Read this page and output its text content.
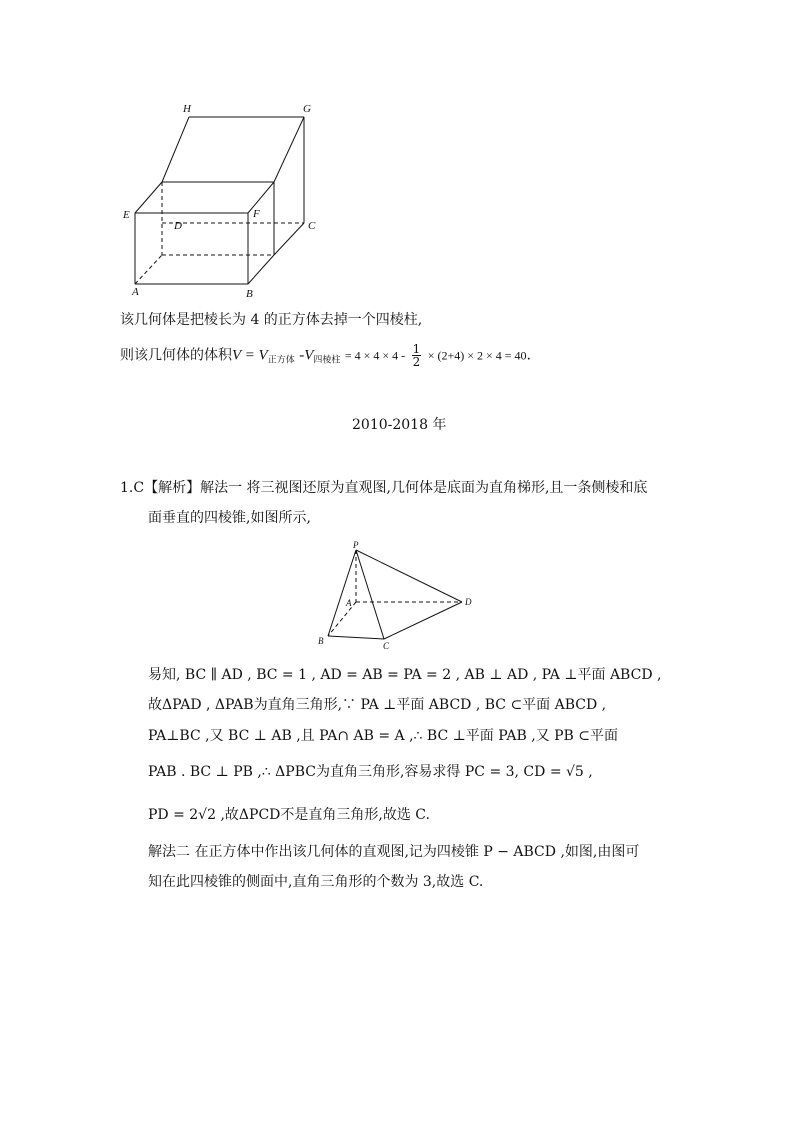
H	G
E	F
D	C
A	B
该几何体是把棱长为 4 的正方体去掉一个四棱柱,
则该几何体的体积$V = V_{正方体}$ $-V_{四棱柱} = 4 \times 4 \times 4 - \frac{1}{2} \times (2+4) \times 2 \times 4 = 40$.
2010-2018 年
1.C【解析】解法一 将三视图还原为直观图,几何体是底面为直角梯形,且一条侧棱和底
面垂直的四棱锥,如图所示,
P
A
B	C
D
易知, BC ∥ AD , BC = 1 , AD = AB = PA = 2 , AB ⊥ AD , PA ⊥平面 ABCD ,
故ΔPAD , ΔPAB为直角三角形,∵ PA ⊥平面 ABCD , BC ⊂平面 ABCD ,
PA⊥BC ,又 BC ⊥ AB ,且 PA∩ AB = A ,∴ BC ⊥平面 PAB ,又 PB ⊂平面
PAB . BC ⊥ PB ,∴ ΔPBC为直角三角形,容易求得 PC = 3, CD = √5 ,
PD = 2√2 ,故ΔPCD不是直角三角形,故选 C.
解法二 在正方体中作出该几何体的直观图,记为四棱锥 P − ABCD ,如图,由图可
知在此四棱锥的侧面中,直角三角形的个数为 3,故选 C.
